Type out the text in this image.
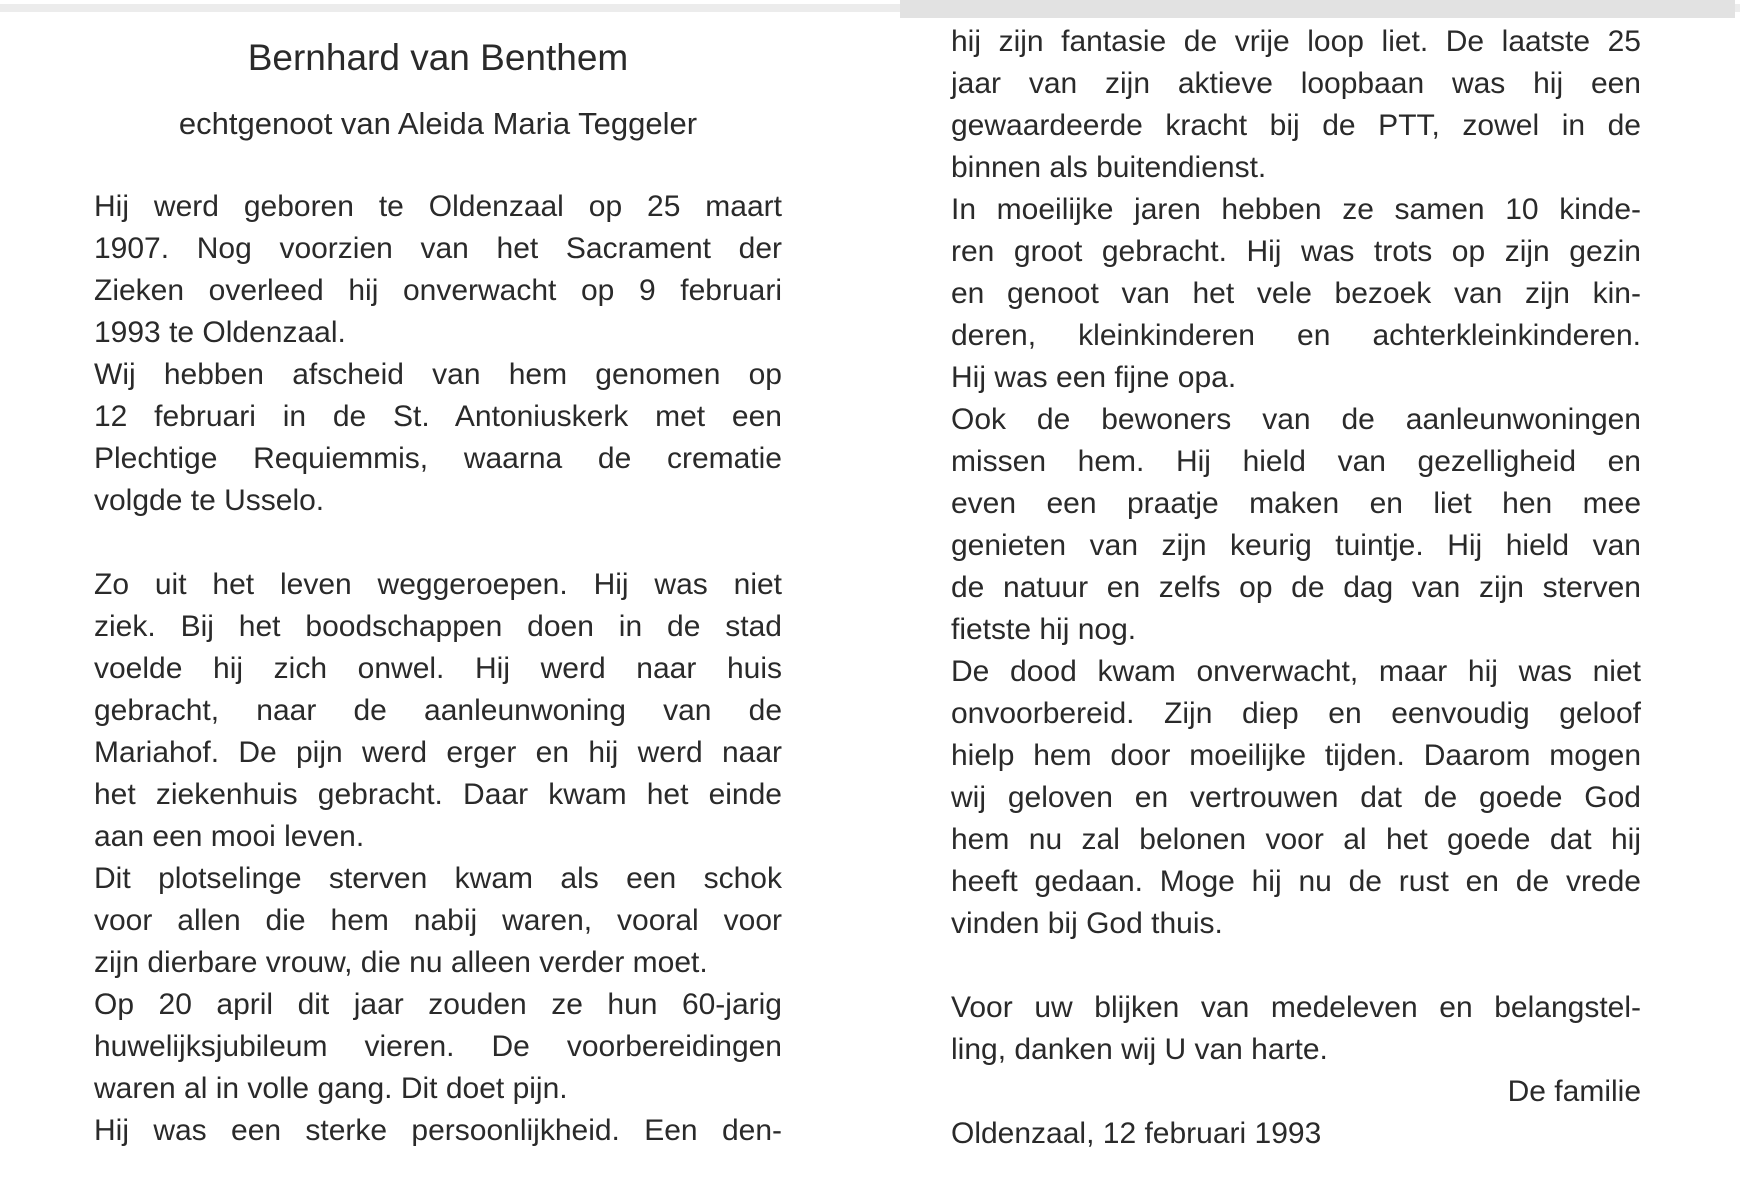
Bernhard van Benthem
echtgenoot van Aleida Maria Teggeler
Hij werd geboren te Oldenzaal op 25 maart
1907. Nog voorzien van het Sacrament der
Zieken overleed hij onverwacht op 9 februari
1993 te Oldenzaal.
Wij hebben afscheid van hem genomen op
12 februari in de St. Antoniuskerk met een
Plechtige Requiemmis, waarna de crematie
volgde te Usselo.
Zo uit het leven weggeroepen. Hij was niet
ziek. Bij het boodschappen doen in de stad
voelde hij zich onwel. Hij werd naar huis
gebracht, naar de aanleunwoning van de
Mariahof. De pijn werd erger en hij werd naar
het ziekenhuis gebracht. Daar kwam het einde
aan een mooi leven.
Dit plotselinge sterven kwam als een schok
voor allen die hem nabij waren, vooral voor
zijn dierbare vrouw, die nu alleen verder moet.
Op 20 april dit jaar zouden ze hun 60-jarig
huwelijksjubileum vieren. De voorbereidingen
waren al in volle gang. Dit doet pijn.
Hij was een sterke persoonlijkheid. Een den-
hij zijn fantasie de vrije loop liet. De laatste 25
jaar van zijn aktieve loopbaan was hij een
gewaardeerde kracht bij de PTT, zowel in de
binnen als buitendienst.
In moeilijke jaren hebben ze samen 10 kinde-
ren groot gebracht. Hij was trots op zijn gezin
en genoot van het vele bezoek van zijn kin-
deren, kleinkinderen en achterkleinkinderen.
Hij was een fijne opa.
Ook de bewoners van de aanleunwoningen
missen hem. Hij hield van gezelligheid en
even een praatje maken en liet hen mee
genieten van zijn keurig tuintje. Hij hield van
de natuur en zelfs op de dag van zijn sterven
fietste hij nog.
De dood kwam onverwacht, maar hij was niet
onvoorbereid. Zijn diep en eenvoudig geloof
hielp hem door moeilijke tijden. Daarom mogen
wij geloven en vertrouwen dat de goede God
hem nu zal belonen voor al het goede dat hij
heeft gedaan. Moge hij nu de rust en de vrede
vinden bij God thuis.
Voor uw blijken van medeleven en belangstel-
ling, danken wij U van harte.
De familie
Oldenzaal, 12 februari 1993
